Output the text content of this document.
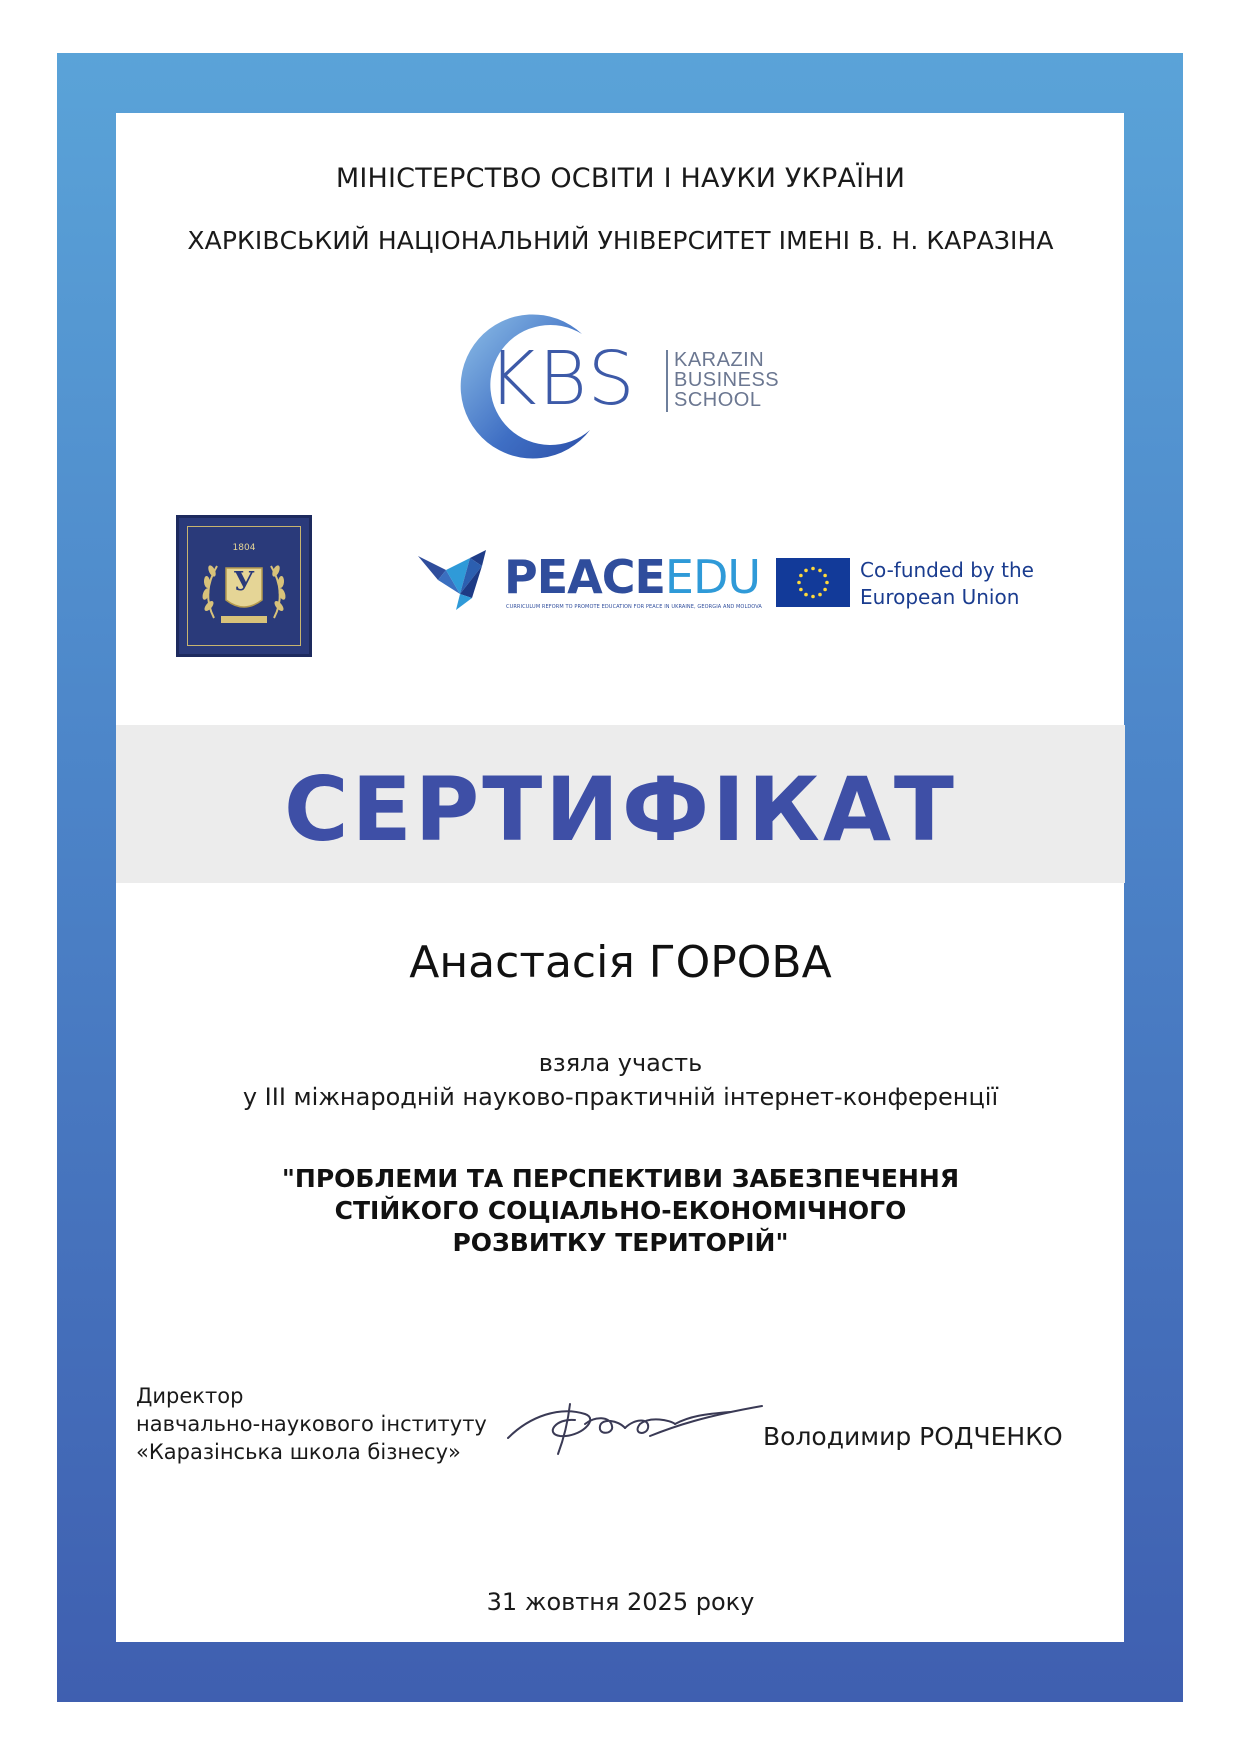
МІНІСТЕРСТВО ОСВІТИ І НАУКИ УКРАЇНИ
ХАРКІВСЬКИЙ НАЦІОНАЛЬНИЙ УНІВЕРСИТЕТ ІМЕНІ В. Н. КАРАЗІНА
KBS KARAZIN
BUSINESS
SCHOOL
1804
У	PEACEEDU
CURRICULUM REFORM TO PROMOTE EDUCATION FOR PEACE IN UKRAINE, GEORGIA AND MOLDOVA
Co-funded by the
European Union
СЕРТИФІКАТ
Анастасія ГОРОВА
взяла участь
у ІІІ міжнародній науково-практичній інтернет-конференції
"ПРОБЛЕМИ ТА ПЕРСПЕКТИВИ ЗАБЕЗПЕЧЕННЯ
СТІЙКОГО СОЦІАЛЬНО-ЕКОНОМІЧНОГО
РОЗВИТКУ ТЕРИТОРІЙ"
Директор
навчально-наукового інституту
«Каразінська школа бізнесу»
Володимир РОДЧЕНКО
31 жовтня 2025 року
